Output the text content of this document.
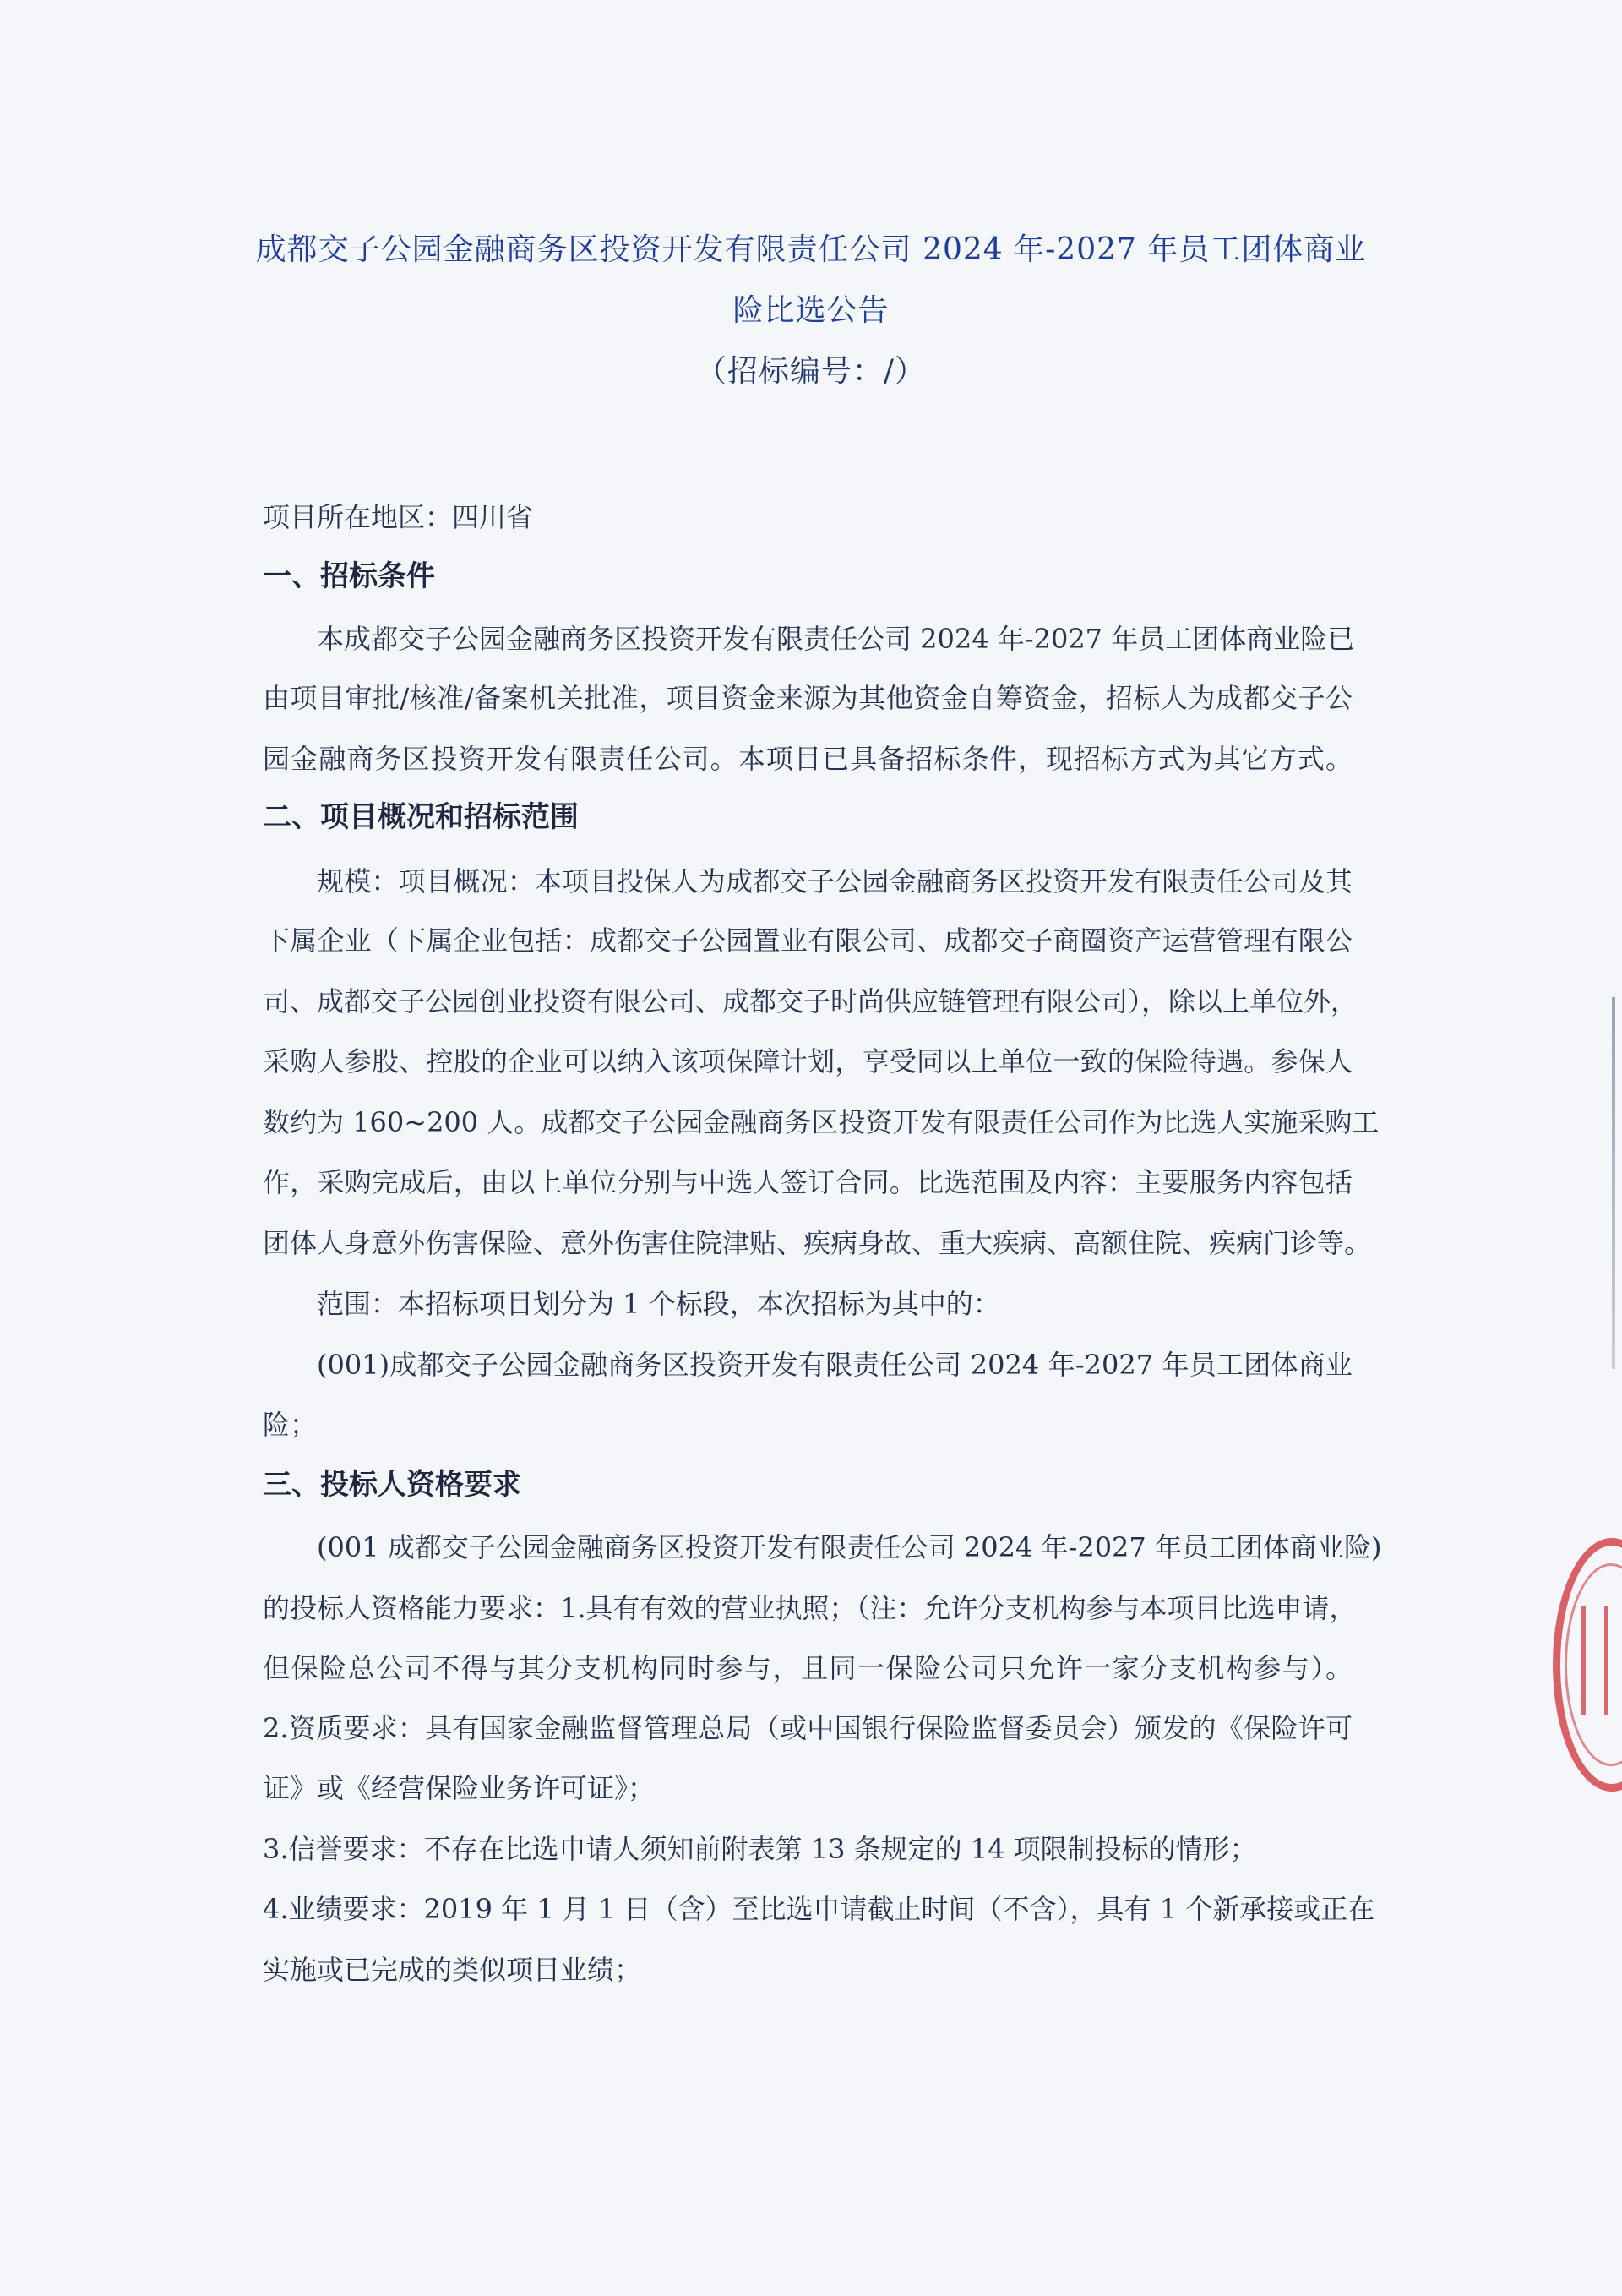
成都交子公园金融商务区投资开发有限责任公司 2024 年-2027 年员工团体商业
险比选公告
（招标编号：/）
项目所在地区：四川省
一、招标条件
本成都交子公园金融商务区投资开发有限责任公司 2024 年-2027 年员工团体商业险已
由项目审批/核准/备案机关批准，项目资金来源为其他资金自筹资金，招标人为成都交子公
园金融商务区投资开发有限责任公司。本项目已具备招标条件，现招标方式为其它方式。
二、项目概况和招标范围
规模：项目概况：本项目投保人为成都交子公园金融商务区投资开发有限责任公司及其
下属企业（下属企业包括：成都交子公园置业有限公司、成都交子商圈资产运营管理有限公
司、成都交子公园创业投资有限公司、成都交子时尚供应链管理有限公司），除以上单位外，
采购人参股、控股的企业可以纳入该项保障计划，享受同以上单位一致的保险待遇。参保人
数约为 160~200 人。成都交子公园金融商务区投资开发有限责任公司作为比选人实施采购工
作，采购完成后，由以上单位分别与中选人签订合同。比选范围及内容：主要服务内容包括
团体人身意外伤害保险、意外伤害住院津贴、疾病身故、重大疾病、高额住院、疾病门诊等。
范围：本招标项目划分为 1 个标段，本次招标为其中的：
(001)成都交子公园金融商务区投资开发有限责任公司 2024 年-2027 年员工团体商业
险；
三、投标人资格要求
(001 成都交子公园金融商务区投资开发有限责任公司 2024 年-2027 年员工团体商业险)
的投标人资格能力要求：1.具有有效的营业执照；（注：允许分支机构参与本项目比选申请，
但保险总公司不得与其分支机构同时参与，且同一保险公司只允许一家分支机构参与）。
2.资质要求：具有国家金融监督管理总局（或中国银行保险监督委员会）颁发的《保险许可
证》或《经营保险业务许可证》；
3.信誉要求：不存在比选申请人须知前附表第 13 条规定的 14 项限制投标的情形；
4.业绩要求：2019 年 1 月 1 日（含）至比选申请截止时间（不含），具有 1 个新承接或正在
实施或已完成的类似项目业绩；
